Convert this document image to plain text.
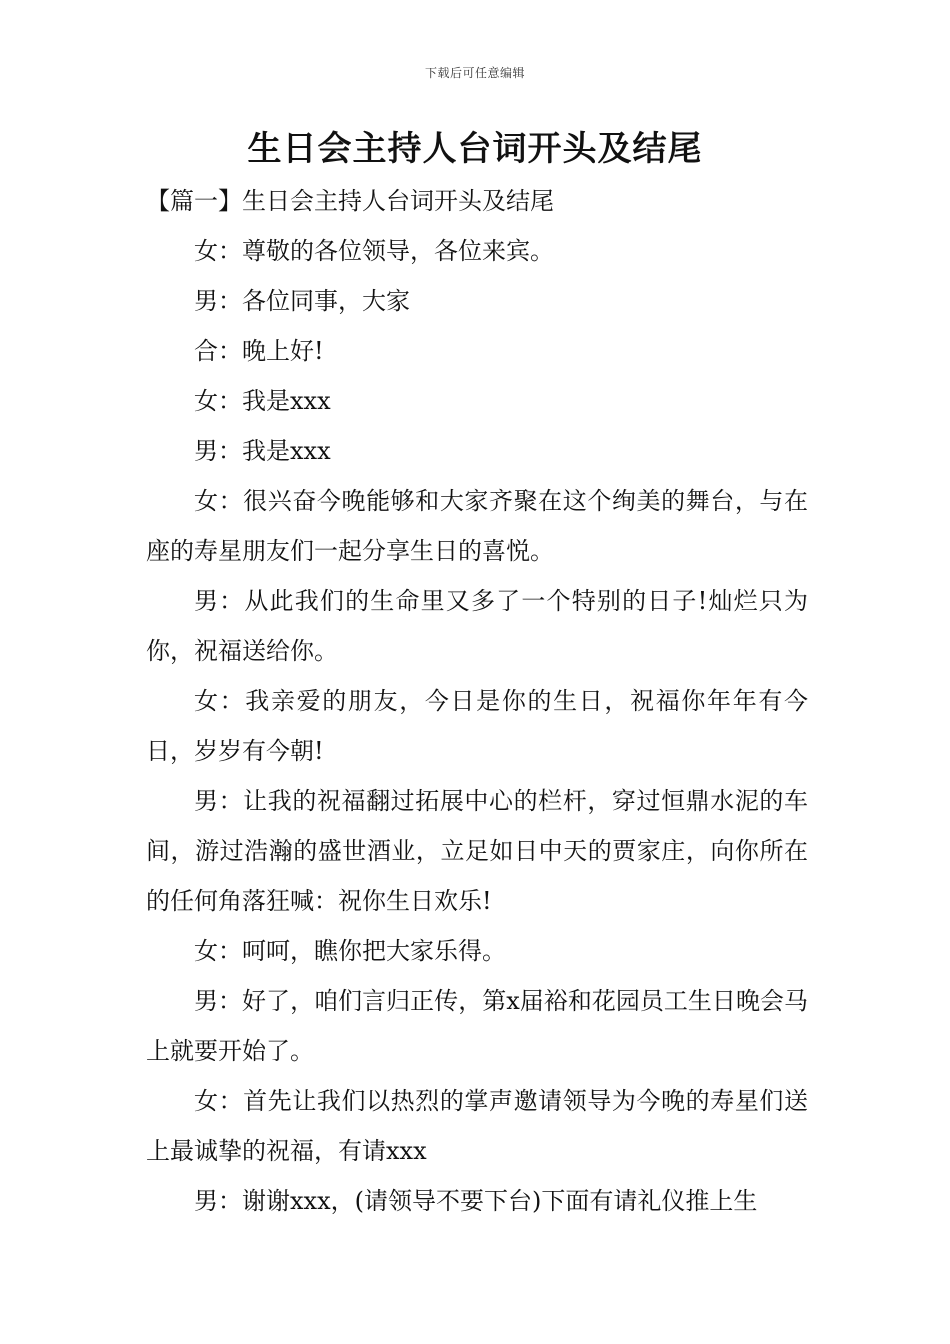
下载后可任意编辑
生日会主持人台词开头及结尾

【篇一】生日会主持人台词开头及结尾

女：尊敬的各位领导，各位来宾。

男：各位同事，大家

合：晚上好!

女：我是xxx

男：我是xxx

女：很兴奋今晚能够和大家齐聚在这个绚美的舞台，与在座的寿星朋友们一起分享生日的喜悦。

男：从此我们的生命里又多了一个特别的日子!灿烂只为你，祝福送给你。

女：我亲爱的朋友，今日是你的生日，祝福你年年有今日，岁岁有今朝!

男：让我的祝福翻过拓展中心的栏杆，穿过恒鼎水泥的车间，游过浩瀚的盛世酒业，立足如日中天的贾家庄，向你所在的任何角落狂喊：祝你生日欢乐!

女：呵呵，瞧你把大家乐得。

男：好了，咱们言归正传，第x届裕和花园员工生日晚会马上就要开始了。

女：首先让我们以热烈的掌声邀请领导为今晚的寿星们送上最诚挚的祝福，有请xxx

男：谢谢xxx，(请领导不要下台)下面有请礼仪推上生
